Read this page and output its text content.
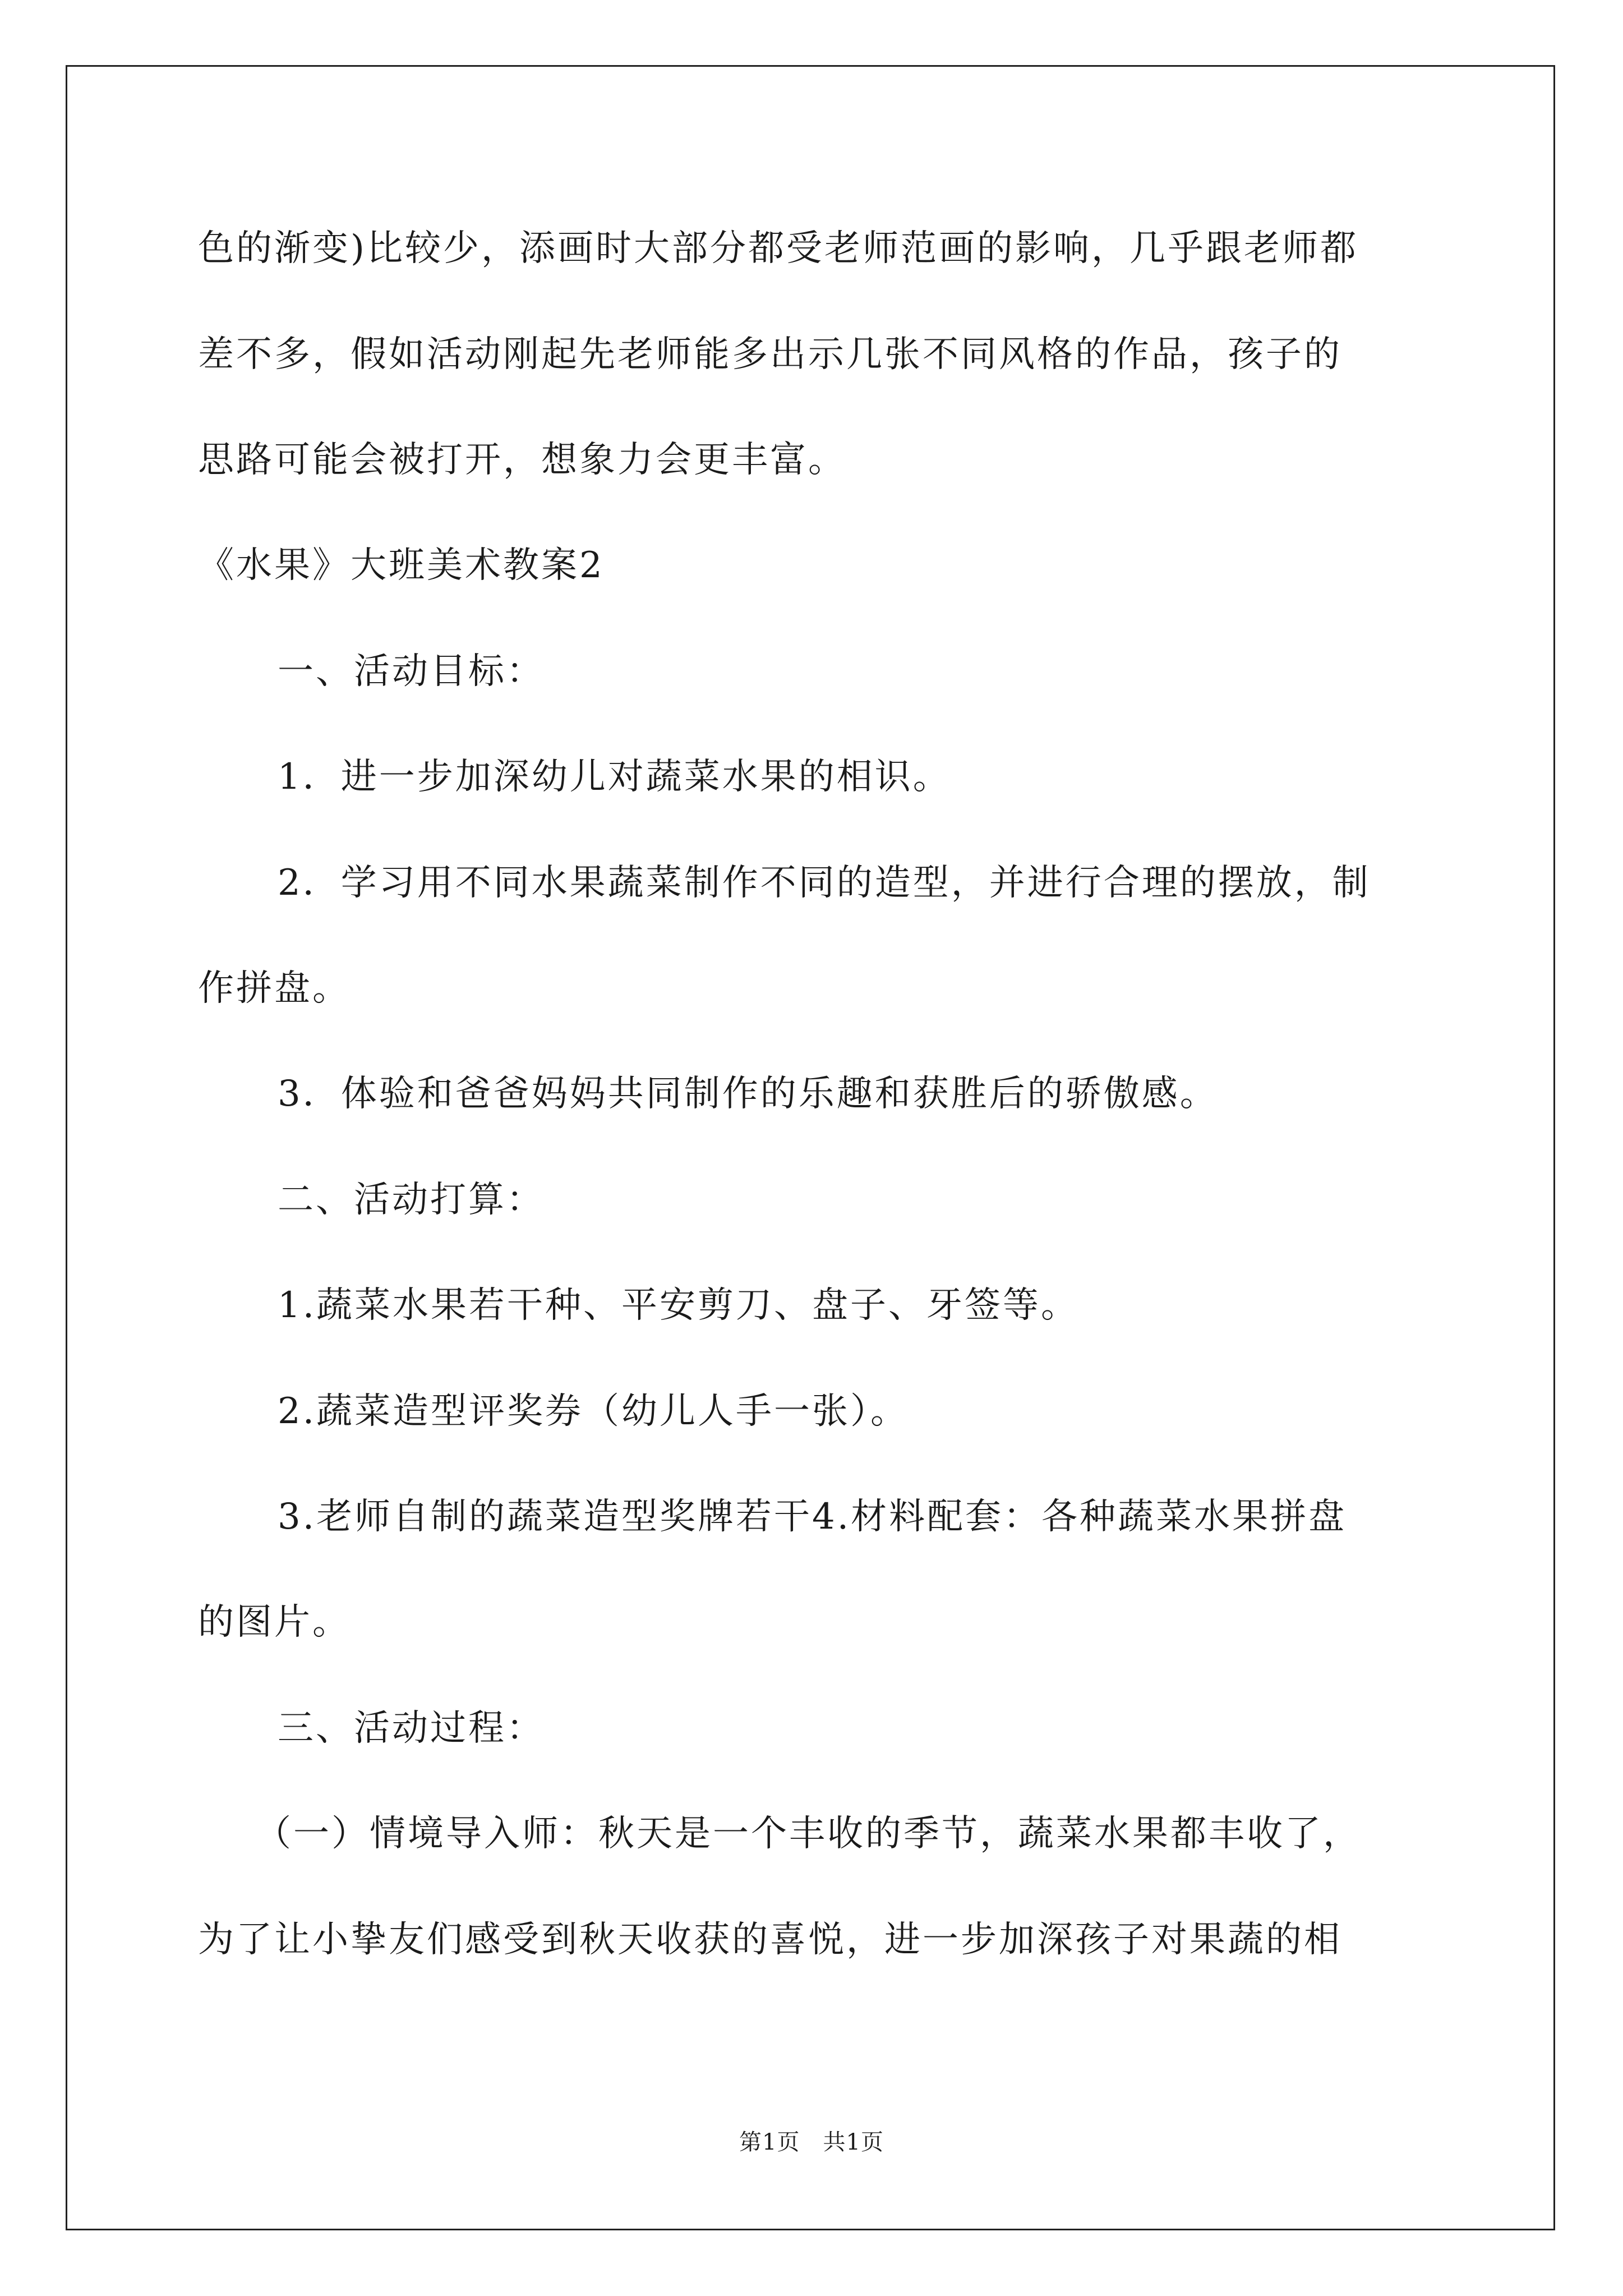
色的渐变)比较少，添画时大部分都受老师范画的影响，几乎跟老师都
差不多，假如活动刚起先老师能多出示几张不同风格的作品，孩子的
思路可能会被打开，想象力会更丰富。
《水果》大班美术教案2
一、活动目标：
1．进一步加深幼儿对蔬菜水果的相识。
2．学习用不同水果蔬菜制作不同的造型，并进行合理的摆放，制
作拼盘。
3．体验和爸爸妈妈共同制作的乐趣和获胜后的骄傲感。
二、活动打算：
1.蔬菜水果若干种、平安剪刀、盘子、牙签等。
2.蔬菜造型评奖券（幼儿人手一张）。
3.老师自制的蔬菜造型奖牌若干4.材料配套：各种蔬菜水果拼盘
的图片。
三、活动过程：
（一）情境导入师：秋天是一个丰收的季节，蔬菜水果都丰收了，
为了让小挚友们感受到秋天收获的喜悦，进一步加深孩子对果蔬的相
第1页　共1页
